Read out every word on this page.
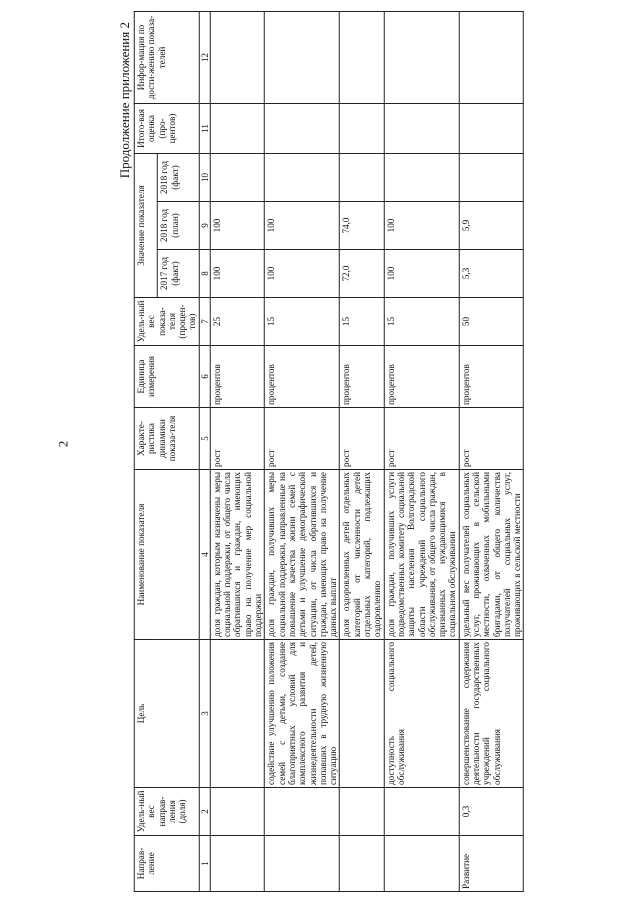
2
Продолжение приложения 2
Направ-ление	Удель-ный вес направ-ления (доля)	Цель	Наименование показателя	Характе-ристика динамики показа-теля	Единица измерения	Удель-ный вес показа-теля (процен-тов)	Значение показателя			Итого-вая оценка (про-центов)	Инфор-мация по дости-жению показа-телей
							2017 год (факт)	2018 год (план)	2018 год (факт)		
1	2	3	4	5	6	7	8	9	10	11	12
			доля граждан, которым назначены меры социальной поддержки, от общего числа обратившихся и граждан, имеющих право на получение мер социальной поддержки	рост	процентов	25	100	100			
		содействие улучшению положения семей с детьми, создание благоприятных условий для комплексного развития и жизнедеятельности детей, попавших в трудную жизненную ситуацию	доля граждан, получивших меры социальной поддержки, направленные на повышение качества жизни семей с детьми и улучшение демографической ситуации, от числа обратившихся и граждан, имеющих право на получение данных выплат	рост	процентов	15	100	100			
			доля оздоровленных детей отдельных категорий от численности детей отдельных категорий, подлежащих оздоровлению	рост	процентов	15	72,0	74,0			
		доступность социального обслуживания	доля граждан, получивших услуги подведомственных комитету социальной защиты населения Волгоградской области учреждений социального обслуживания, от общего числа граждан, признанных нуждающимися в социальном обслуживании	рост	процентов	15	100	100			
Развитие	0,3	совершенствование содержания деятельности государственных учреждений социального обслуживания	удельный вес получателей социальных услуг, проживающих в сельской местности, охваченных мобильными бригадами, от общего количества получателей социальных услуг, проживающих в сельской местности	рост	процентов	50	5,3	5,9			
